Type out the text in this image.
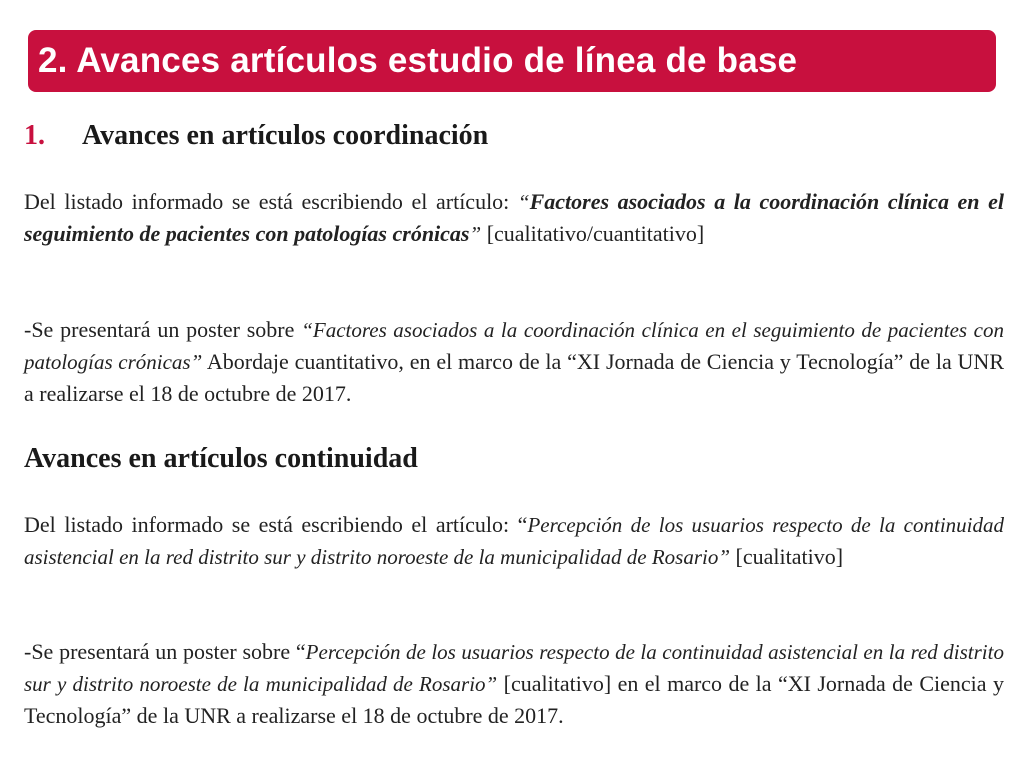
2. Avances artículos estudio de línea de base
1. Avances en artículos coordinación

Del listado informado se está escribiendo el artículo: “Factores asociados a la coordinación clínica en el seguimiento de pacientes con patologías crónicas” [cualitativo/cuantitativo]

-Se presentará un poster sobre “Factores asociados a la coordinación clínica en el seguimiento de pacientes con patologías crónicas” Abordaje cuantitativo, en el marco de la “XI Jornada de Ciencia y Tecnología” de la UNR a realizarse el 18 de octubre de 2017.

Avances en artículos continuidad

Del listado informado se está escribiendo el artículo: “Percepción de los usuarios respecto de la continuidad asistencial en la red distrito sur y distrito noroeste de la municipalidad de Rosario” [cualitativo]

-Se presentará un poster sobre “Percepción de los usuarios respecto de la continuidad asistencial en la red distrito sur y distrito noroeste de la municipalidad de Rosario” [cualitativo] en el marco de la “XI Jornada de Ciencia y Tecnología” de la UNR a realizarse el 18 de octubre de 2017.
